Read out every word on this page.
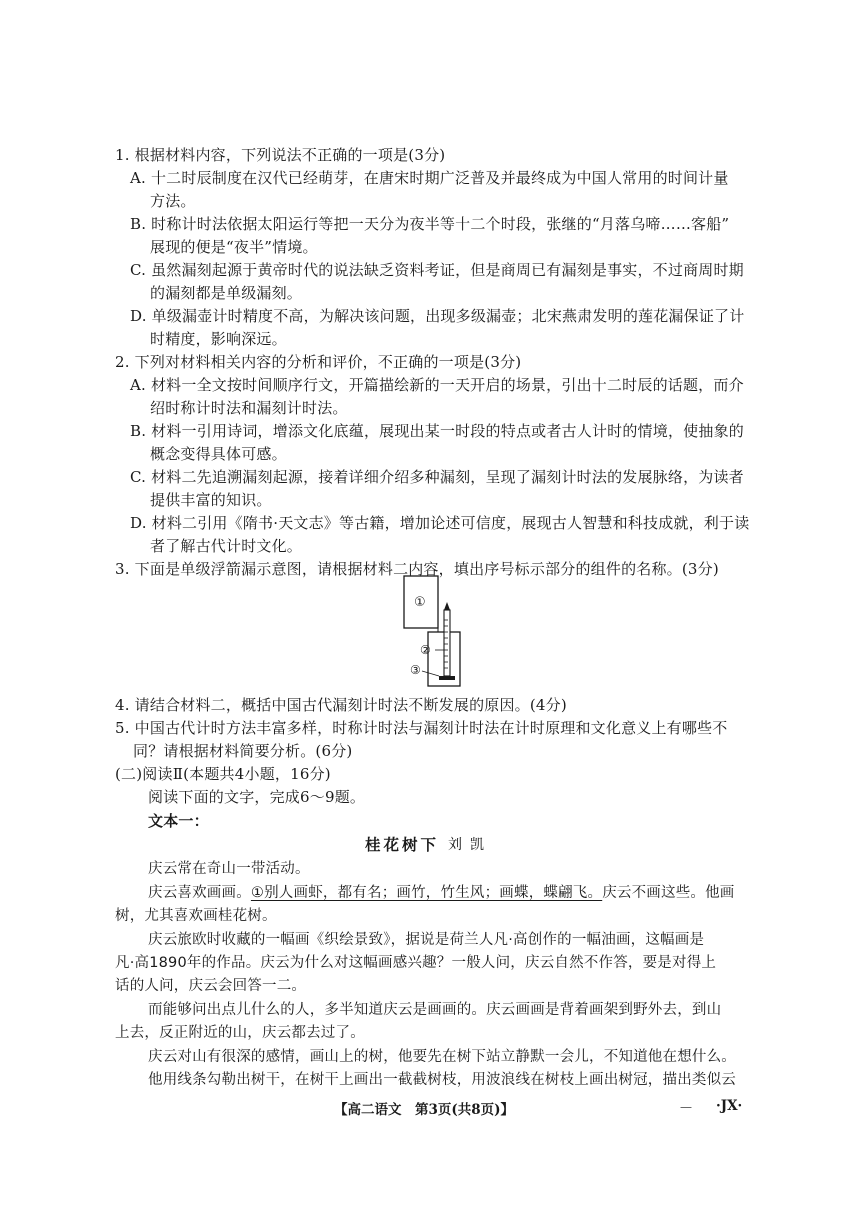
1. 根据材料内容，下列说法不正确的一项是(3分)
A. 十二时辰制度在汉代已经萌芽，在唐宋时期广泛普及并最终成为中国人常用的时间计量
方法。
B. 时称计时法依据太阳运行等把一天分为夜半等十二个时段，张继的“月落乌啼……客船”
展现的便是“夜半”情境。
C. 虽然漏刻起源于黄帝时代的说法缺乏资料考证，但是商周已有漏刻是事实，不过商周时期
的漏刻都是单级漏刻。
D. 单级漏壶计时精度不高，为解决该问题，出现多级漏壶；北宋燕肃发明的莲花漏保证了计
时精度，影响深远。
2. 下列对材料相关内容的分析和评价，不正确的一项是(3分)
A. 材料一全文按时间顺序行文，开篇描绘新的一天开启的场景，引出十二时辰的话题，而介
绍时称计时法和漏刻计时法。
B. 材料一引用诗词，增添文化底蕴，展现出某一时段的特点或者古人计时的情境，使抽象的
概念变得具体可感。
C. 材料二先追溯漏刻起源，接着详细介绍多种漏刻，呈现了漏刻计时法的发展脉络，为读者
提供丰富的知识。
D. 材料二引用《隋书·天文志》等古籍，增加论述可信度，展现古人智慧和科技成就，利于读
者了解古代计时文化。
3. 下面是单级浮箭漏示意图，请根据材料二内容，填出序号标示部分的组件的名称。(3分)
①
②
③
4. 请结合材料二，概括中国古代漏刻计时法不断发展的原因。(4分)
5. 中国古代计时方法丰富多样，时称计时法与漏刻计时法在计时原理和文化意义上有哪些不
同？请根据材料简要分析。(6分)
(二)阅读Ⅱ(本题共4小题，16分)
阅读下面的文字，完成6～9题。
文本一：
桂花树下 刘凯
庆云常在奇山一带活动。
庆云喜欢画画。①别人画虾，都有名；画竹，竹生风；画蝶，蝶翩飞。庆云不画这些。他画
树，尤其喜欢画桂花树。
庆云旅欧时收藏的一幅画《织绘景致》，据说是荷兰人凡·高创作的一幅油画，这幅画是
凡·高1890年的作品。庆云为什么对这幅画感兴趣？一般人问，庆云自然不作答，要是对得上
话的人问，庆云会回答一二。
而能够问出点儿什么的人，多半知道庆云是画画的。庆云画画是背着画架到野外去，到山
上去，反正附近的山，庆云都去过了。
庆云对山有很深的感情，画山上的树，他要先在树下站立静默一会儿，不知道他在想什么。
他用线条勾勒出树干，在树干上画出一截截树枝，用波浪线在树枝上画出树冠，描出类似云
【高二语文　第3页(共8页)】	— ·JX·
